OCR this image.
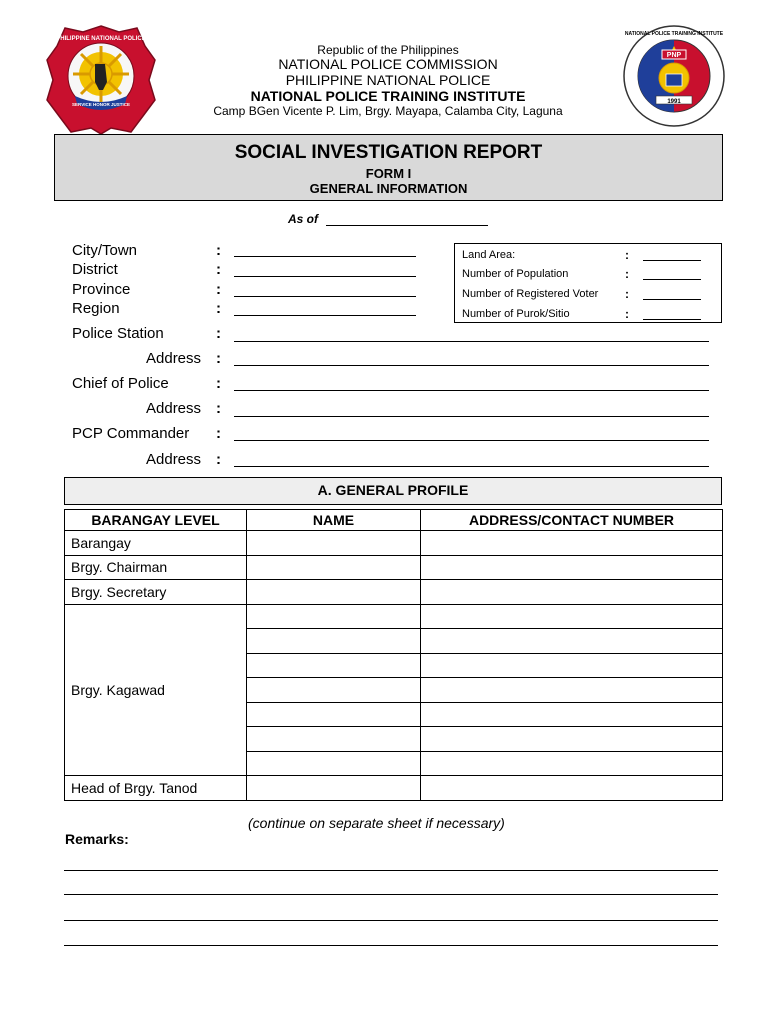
PHILIPPINE NATIONAL POLICE
SERVICE HONOR JUSTICE
PNP
1991
NATIONAL POLICE TRAINING INSTITUTE
Republic of the Philippines
NATIONAL POLICE COMMISSION
PHILIPPINE NATIONAL POLICE
NATIONAL POLICE TRAINING INSTITUTE
Camp BGen Vicente P. Lim, Brgy. Mayapa, Calamba City, Laguna
SOCIAL INVESTIGATION REPORT
FORM I
GENERAL INFORMATION
As of
City/Town	:
District	:
Province	:
Region	:
Police Station	:
Address :
Chief of Police	:
Address :
PCP Commander :
Address :
Land Area:	:
Number of Population	:
Number of Registered Voter :
Number of Purok/Sitio	:
A. GENERAL PROFILE
BARANGAY LEVEL	NAME	ADDRESS/CONTACT NUMBER
Barangay		
Brgy. Chairman		
Brgy. Secretary		
Brgy. Kagawad		

Head of Brgy. Tanod		
(continue on separate sheet if necessary)
Remarks:
